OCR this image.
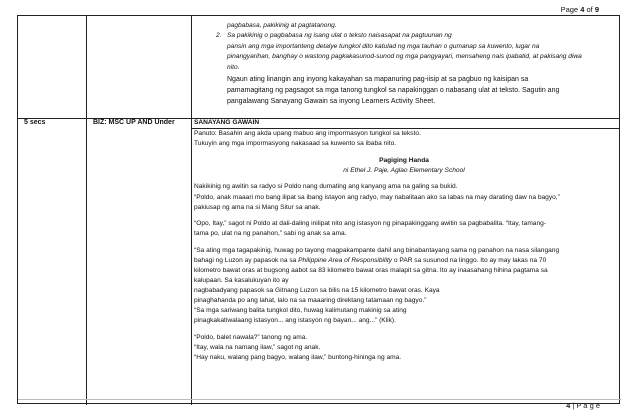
Page 4 of 9
pagbabasa, pakikinig at pagtatanong.
2. Sa pakikinig o pagbabasa ng isang ulat o teksto naisasapat na pagtuunan ng
pansin ang mga importanteng detalye tungkol dito katulad ng mga tauhan o gumanap sa kuwento, lugar na
pinangyarihan, banghay o wastong pagkakasunod-sunod ng mga pangyayari, mensaheng nais ipabatid, at pakisang diwa
nito.
Ngaun ating linangin ang inyong kakayahan sa mapanuring pag-iisip at sa pagbuo ng kaisipan sa
pamamagitang ng pagsagot sa mga tanong tungkol sa napakinggan o nabasang ulat at teksto. Sagutin ang
pangalawang Sanayang Gawain sa inyong Learners Activity Sheet.
5 secs	BIZ: MSC UP AND Under	SANAYANG GAWAIN
Panuto: Basahin ang akda upang mabuo ang impormasyon tungkol sa teksto.
Tukuyin ang mga impormasyong nakasaad sa kuwento sa ibaba nito.
Pagiging Handa
ni Ethel J. Paje, Aglao Elementary School
Nakikinig ng awitin sa radyo si Poldo nang dumating ang kanyang ama na galing sa bukid.
“Poldo, anak maaari mo bang ilipat sa ibang istayon ang radyo, may nabalitaan ako sa labas na may darating daw na bagyo,”
pakiusap ng ama na si Mang Situr sa anak.
“Opo, Itay,” sagot ni Poldo at dali-daling inilipat nito ang istasyon ng pinapakinggang awitin sa pagbabalita. “Itay, tamang-
tama po, ulat na ng panahon,” sabi ng anak sa ama.
“Sa ating mga tagapakinig, huwag po tayong magpakampante dahil ang binabantayang sama ng panahon na nasa silangang
bahagi ng Luzon ay papasok na sa Philippine Area of Responsibility o PAR sa susunod na linggo. Ito ay may lakas na 70
kilometro bawat oras at bugsong aabot sa 83 kilometro bawat oras malapit sa gitna. Ito ay inaasahang hihina pagtama sa
kalupaan. Sa kasalukuyan ito ay
nagbabadyang papasok sa Gitnang Luzon sa bilis na 15 kilometro bawat oras. Kaya
pinaghahanda po ang lahat, lalo na sa maaaring direktang tatamaan ng bagyo.”
“Sa mga sariwang balita tungkol dito, huwag kalimutang makinig sa ating
pinagkakatiwalaang istasyon... ang istasyon ng bayan... ang...” (Klik).
“Poldo, balet nawala?” tanong ng ama.
“Itay, wala na namang ilaw,” sagot ng anak.
“Hay naku, walang pang bagyo, walang ilaw,” buntong-hininga ng ama.
4 | P a g e
